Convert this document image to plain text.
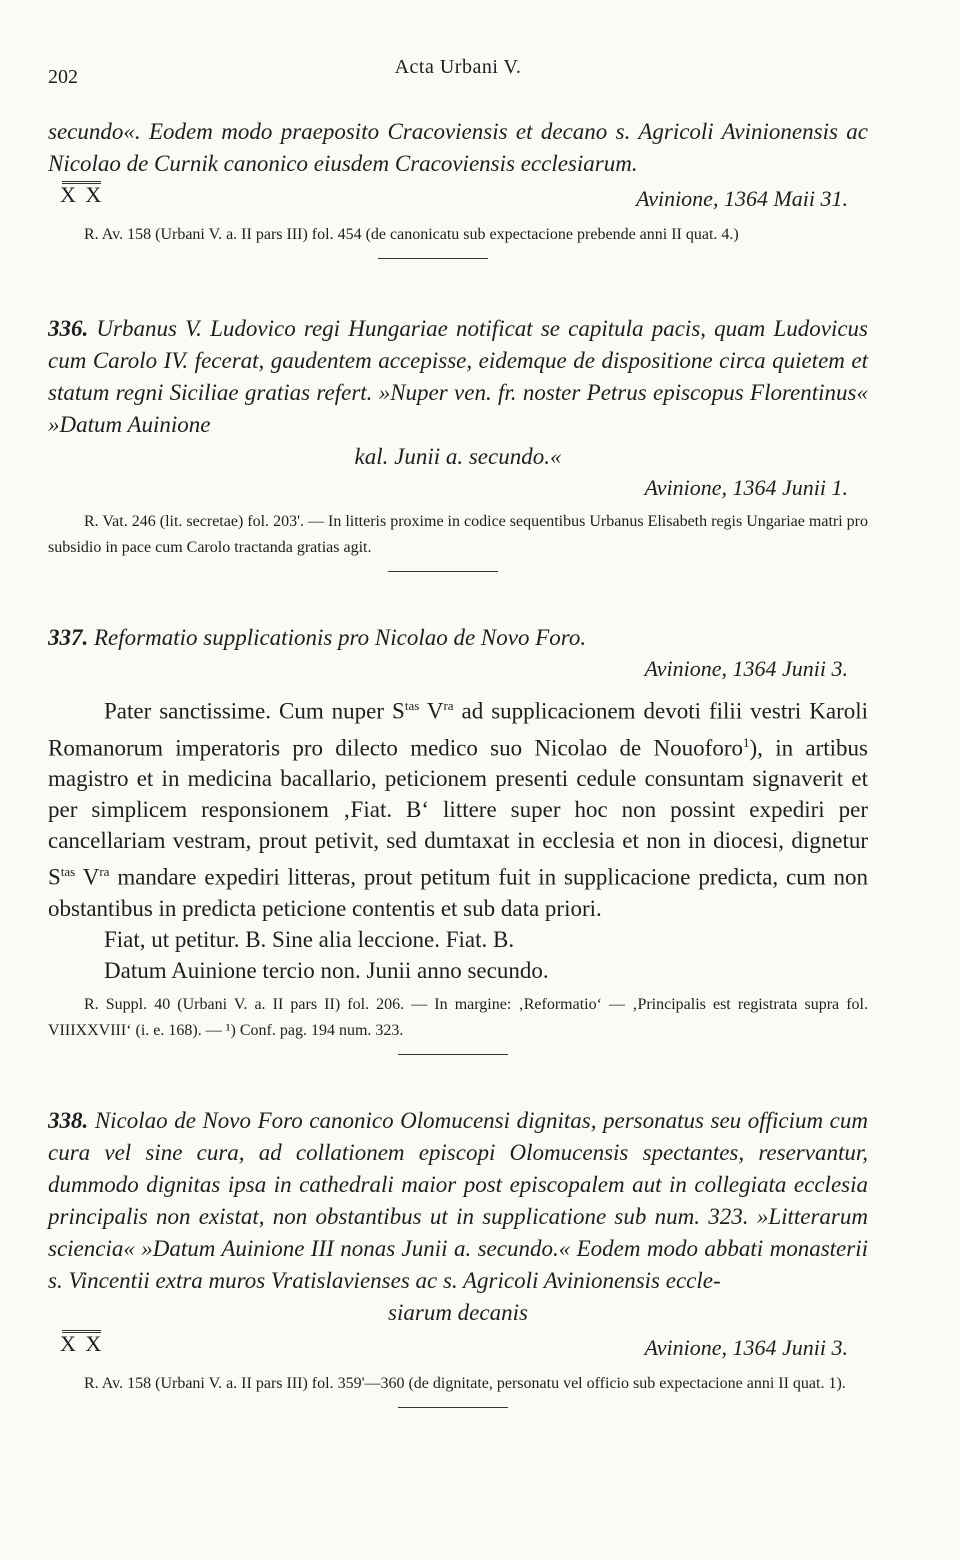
202	Acta Urbani V.
secundo«. Eodem modo praeposito Cracoviensis et decano s. Agricoli Avinionensis ac Nicolao de Curnik canonico eiusdem Cracoviensis ecclesiarum.
X X	Avinione, 1364 Maii 31.
R. Av. 158 (Urbani V. a. II pars III) fol. 454 (de canonicatu sub expectacione prebende anni II quat. 4.)
336. Urbanus V. Ludovico regi Hungariae notificat se capitula pacis, quam Ludovicus cum Carolo IV. fecerat, gaudentem accepisse, eidemque de dispositione circa quietem et statum regni Siciliae gratias refert. »Nuper ven. fr. noster Petrus episcopus Florentinus« »Datum Auinione
kal. Junii a. secundo.«
Avinione, 1364 Junii 1.
R. Vat. 246 (lit. secretae) fol. 203'. — In litteris proxime in codice sequentibus Urbanus Elisabeth regis Ungariae matri pro subsidio in pace cum Carolo tractanda gratias agit.
337. Reformatio supplicationis pro Nicolao de Novo Foro.
Avinione, 1364 Junii 3.
Pater sanctissime. Cum nuper $S^{tas}$ $V^{ra}$ ad supplicacionem devoti filii vestri Karoli Romanorum imperatoris pro dilecto medico suo Nicolao de Nouoforo$^1$), in artibus magistro et in medicina bacallario, peticionem presenti cedule consuntam signaverit et per simplicem responsionem ‚Fiat. B‘ littere super hoc non possint expediri per cancellariam vestram, prout petivit, sed dumtaxat in ecclesia et non in diocesi, dignetur $S^{tas}$ $V^{ra}$ mandare expediri litteras, prout petitum fuit in supplicacione predicta, cum non obstantibus in predicta peticione contentis et sub data priori.
Fiat, ut petitur. B. Sine alia leccione. Fiat. B.
Datum Auinione tercio non. Junii anno secundo.
R. Suppl. 40 (Urbani V. a. II pars II) fol. 206. — In margine: ‚Reformatio‘ — ‚Principalis est registrata supra fol. VIIIXXVIII‘ (i. e. 168). — ¹) Conf. pag. 194 num. 323.
338. Nicolao de Novo Foro canonico Olomucensi dignitas, personatus seu officium cum cura vel sine cura, ad collationem episcopi Olomucensis spectantes, reservantur, dummodo dignitas ipsa in cathedrali maior post episcopalem aut in collegiata ecclesia principalis non existat, non obstantibus ut in supplicatione sub num. 323. »Litterarum sciencia« »Datum Auinione III nonas Junii a. secundo.« Eodem modo abbati monasterii s. Vincentii extra muros Vratislavienses ac s. Agricoli Avinionensis eccle-
siarum decanis
X X	Avinione, 1364 Junii 3.
R. Av. 158 (Urbani V. a. II pars III) fol. 359'—360 (de dignitate, personatu vel officio sub expectacione anni II quat. 1).
